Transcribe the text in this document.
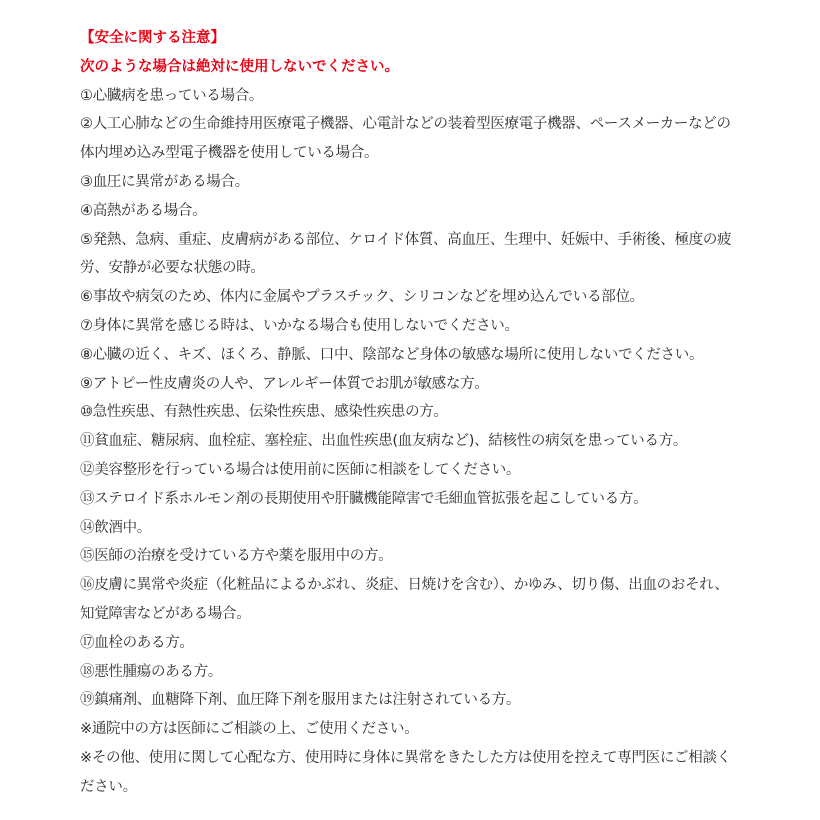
【安全に関する注意】
次のような場合は絶対に使用しないでください。
①心臓病を患っている場合。
②人工心肺などの生命維持用医療電子機器、心電計などの装着型医療電子機器、ペースメーカーなどの体内埋め込み型電子機器を使用している場合。
③血圧に異常がある場合。
④高熱がある場合。
⑤発熱、急病、重症、皮膚病がある部位、ケロイド体質、高血圧、生理中、妊娠中、手術後、極度の疲労、安静が必要な状態の時。
⑥事故や病気のため、体内に金属やプラスチック、シリコンなどを埋め込んでいる部位。
⑦身体に異常を感じる時は、いかなる場合も使用しないでください。
⑧心臓の近く、キズ、ほくろ、静脈、口中、陰部など身体の敏感な場所に使用しないでください。
⑨アトピー性皮膚炎の人や、アレルギー体質でお肌が敏感な方。
⑩急性疾患、有熱性疾患、伝染性疾患、感染性疾患の方。
⑪貧血症、糖尿病、血栓症、塞栓症、出血性疾患(血友病など)、結核性の病気を患っている方。
⑫美容整形を行っている場合は使用前に医師に相談をしてください。
⑬ステロイド系ホルモン剤の長期使用や肝臓機能障害で毛細血管拡張を起こしている方。
⑭飲酒中。
⑮医師の治療を受けている方や薬を服用中の方。
⑯皮膚に異常や炎症（化粧品によるかぶれ、炎症、日焼けを含む）、かゆみ、切り傷、出血のおそれ、知覚障害などがある場合。
⑰血栓のある方。
⑱悪性腫瘍のある方。
⑲鎮痛剤、血糖降下剤、血圧降下剤を服用または注射されている方。
※通院中の方は医師にご相談の上、ご使用ください。
※その他、使用に関して心配な方、使用時に身体に異常をきたした方は使用を控えて専門医にご相談ください。
